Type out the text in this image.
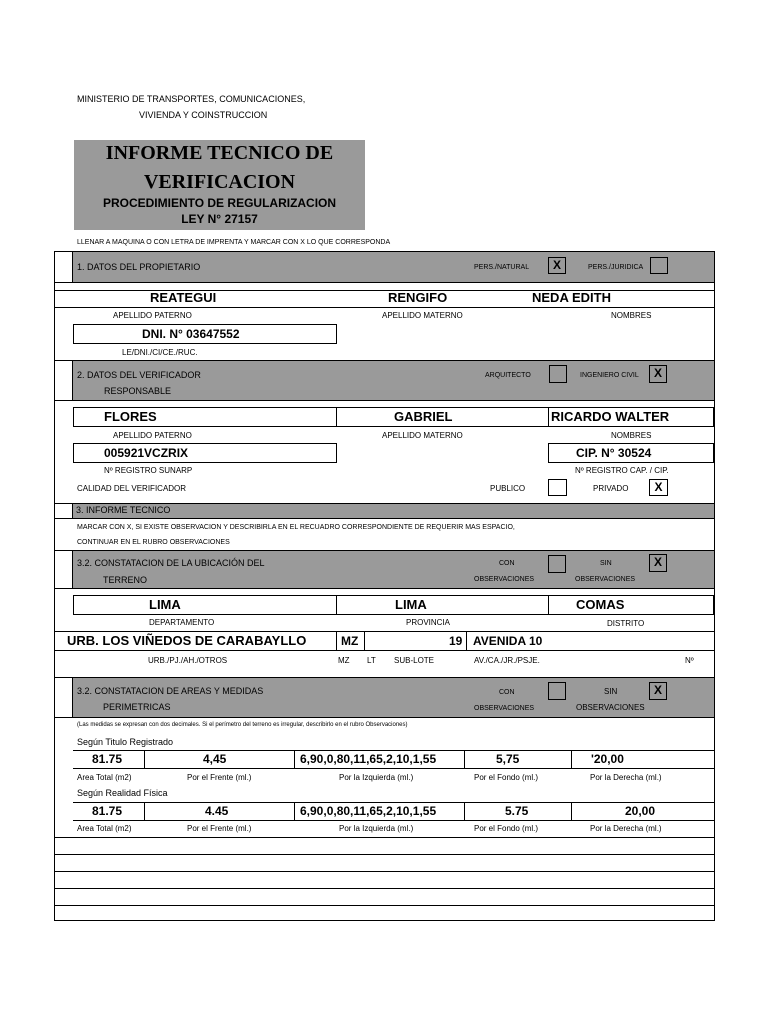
MINISTERIO DE TRANSPORTES, COMUNICACIONES,
VIVIENDA Y COINSTRUCCION
INFORME TECNICO DE
VERIFICACION
PROCEDIMIENTO DE REGULARIZACION
LEY N° 27157
LLENAR A MAQUINA O CON LETRA DE IMPRENTA Y MARCAR CON X LO QUE CORRESPONDA
1. DATOS DEL PROPIETARIO	PERS./NATURAL	X	PERS./JURIDICA
REATEGUI	RENGIFO	NEDA EDITH
APELLIDO PATERNO	APELLIDO MATERNO	NOMBRES
DNI. N° 03647552
LE/DNI./CI/CE./RUC.
2. DATOS DEL VERIFICADOR
RESPONSABLE
ARQUITECTO	INGENIERO CIVIL	X
FLORES	GABRIEL	RICARDO WALTER
APELLIDO PATERNO	APELLIDO MATERNO	NOMBRES
005921VCZRIX	CIP. N° 30524
Nº REGISTRO SUNARP	Nº REGISTRO CAP. / CIP.
CALIDAD DEL VERIFICADOR	PUBLICO	PRIVADO	X
3. INFORME TECNICO
MARCAR CON X, SI EXISTE OBSERVACION Y DESCRIBIRLA EN EL RECUADRO CORRESPONDIENTE DE REQUERIR MAS ESPACIO,
CONTINUAR EN EL RUBRO OBSERVACIONES
3.2. CONSTATACION DE LA UBICACIÓN DEL
TERRENO
CON
OBSERVACIONES
SIN
OBSERVACIONES
X
LIMA	LIMA	COMAS
DEPARTAMENTO	PROVINCIA	DISTRITO
URB. LOS VIÑEDOS DE CARABAYLLO	MZ	19 AVENIDA 10
URB./PJ./AH./OTROS	MZ LT SUB-LOTE	AV./CA./JR./PSJE.	Nº
3.2. CONSTATACION DE AREAS Y MEDIDAS
PERIMETRICAS
CON
OBSERVACIONES
SIN
OBSERVACIONES
X
(Las medidas se expresan con dos decimales. Si el perímetro del terreno es irregular, describirlo en el rubro Observaciones)
Según Titulo Registrado
81.75	4,45	6,90,0,80,11,65,2,10,1,55	5,75	'20,00
Area Total (m2)	Por el Frente (ml.)	Por la Izquierda (ml.)	Por el Fondo (ml.)	Por la Derecha (ml.)
Según Realidad Física
81.75	4.45	6,90,0,80,11,65,2,10,1,55	5.75	20,00
Area Total (m2)	Por el Frente (ml.)	Por la Izquierda (ml.)	Por el Fondo (ml.)	Por la Derecha (ml.)
